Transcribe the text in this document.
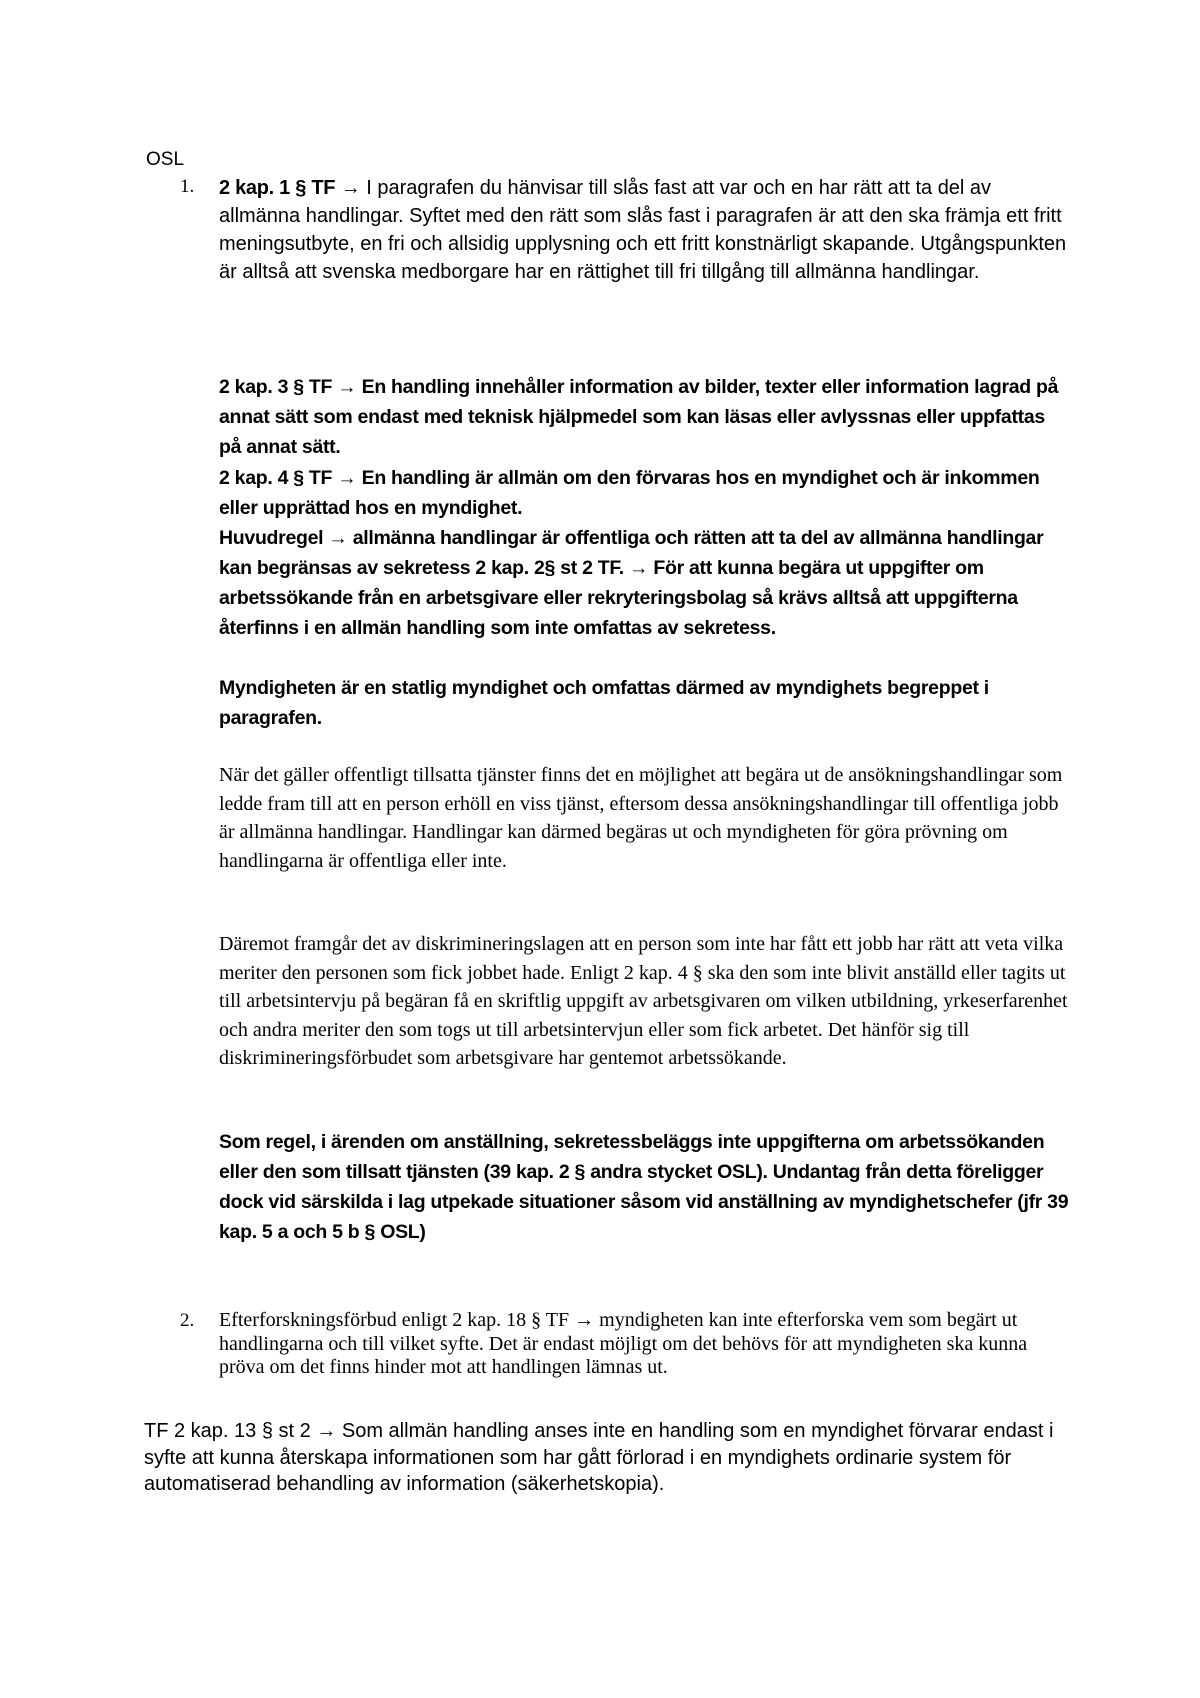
OSL
1. 2 kap. 1 § TF → I paragrafen du hänvisar till slås fast att var och en har rätt att ta del av allmänna handlingar. Syftet med den rätt som slås fast i paragrafen är att den ska främja ett fritt meningsutbyte, en fri och allsidig upplysning och ett fritt konstnärligt skapande. Utgångspunkten är alltså att svenska medborgare har en rättighet till fri tillgång till allmänna handlingar.

2 kap. 3 § TF → En handling innehåller information av bilder, texter eller information lagrad på annat sätt som endast med teknisk hjälpmedel som kan läsas eller avlyssnas eller uppfattas på annat sätt.

2 kap. 4 § TF → En handling är allmän om den förvaras hos en myndighet och är inkommen eller upprättad hos en myndighet.

Huvudregel → allmänna handlingar är offentliga och rätten att ta del av allmänna handlingar kan begränsas av sekretess 2 kap. 2§ st 2 TF. → För att kunna begära ut uppgifter om arbetssökande från en arbetsgivare eller rekryteringsbolag så krävs alltså att uppgifterna återfinns i en allmän handling som inte omfattas av sekretess.

Myndigheten är en statlig myndighet och omfattas därmed av myndighets begreppet i paragrafen.

När det gäller offentligt tillsatta tjänster finns det en möjlighet att begära ut de ansökningshandlingar som ledde fram till att en person erhöll en viss tjänst, eftersom dessa ansökningshandlingar till offentliga jobb är allmänna handlingar. Handlingar kan därmed begäras ut och myndigheten för göra prövning om handlingarna är offentliga eller inte.

Däremot framgår det av diskrimineringslagen att en person som inte har fått ett jobb har rätt att veta vilka meriter den personen som fick jobbet hade. Enligt 2 kap. 4 § ska den som inte blivit anställd eller tagits ut till arbetsintervju på begäran få en skriftlig uppgift av arbetsgivaren om vilken utbildning, yrkeserfarenhet och andra meriter den som togs ut till arbetsintervjun eller som fick arbetet. Det hänför sig till diskrimineringsförbudet som arbetsgivare har gentemot arbetssökande.

Som regel, i ärenden om anställning, sekretessbeläggs inte uppgifterna om arbetssökanden eller den som tillsatt tjänsten (39 kap. 2 § andra stycket OSL). Undantag från detta föreligger dock vid särskilda i lag utpekade situationer såsom vid anställning av myndighetschefer (jfr 39 kap. 5 a och 5 b § OSL)

2. Efterforskningsförbud enligt 2 kap. 18 § TF → myndigheten kan inte efterforska vem som begärt ut handlingarna och till vilket syfte. Det är endast möjligt om det behövs för att myndigheten ska kunna pröva om det finns hinder mot att handlingen lämnas ut.

TF 2 kap. 13 § st 2 → Som allmän handling anses inte en handling som en myndighet förvarar endast i syfte att kunna återskapa informationen som har gått förlorad i en myndighets ordinarie system för automatiserad behandling av information (säkerhetskopia).
